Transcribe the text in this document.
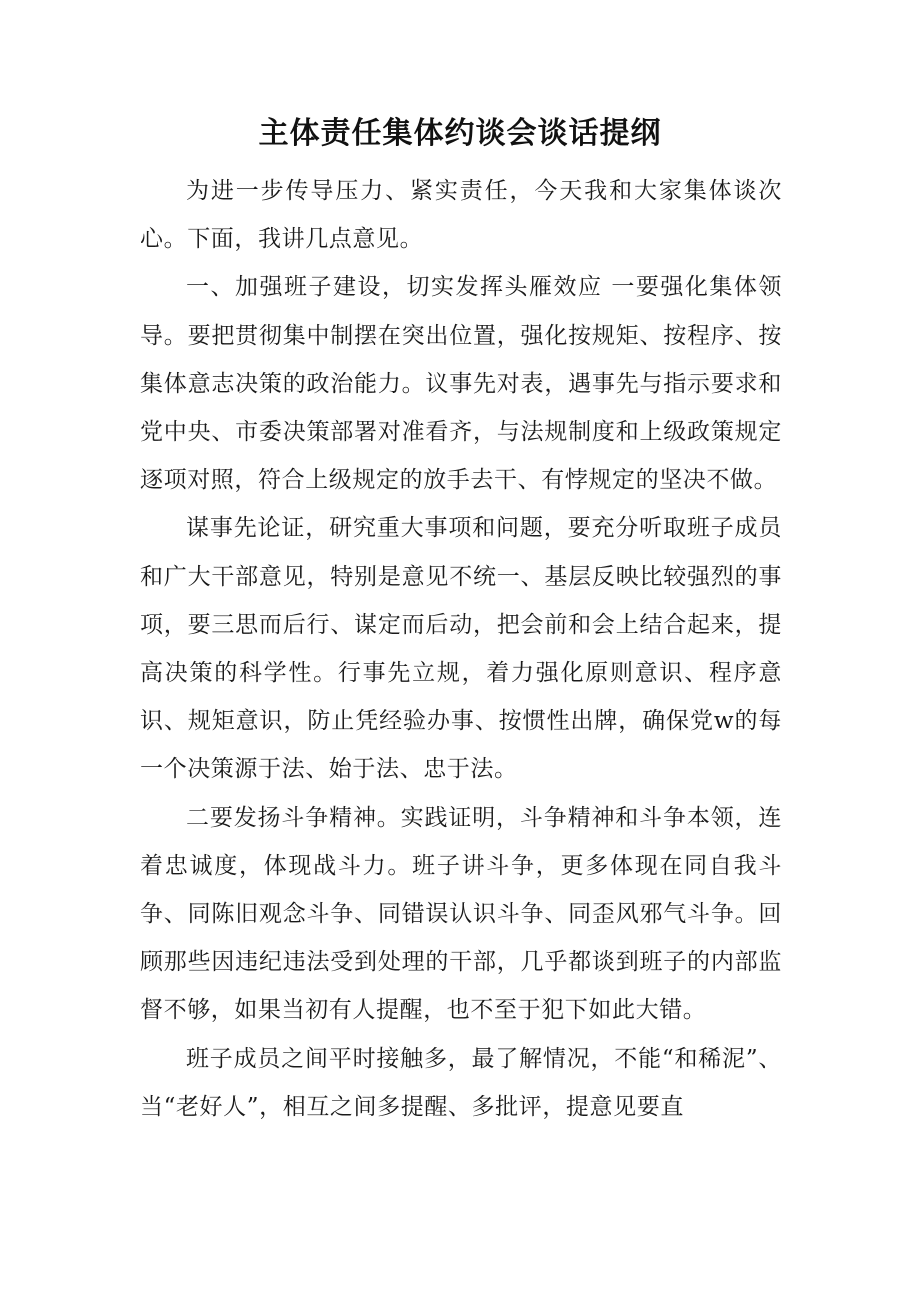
主体责任集体约谈会谈话提纲

为进一步传导压力、紧实责任，今天我和大家集体谈次心。下面，我讲几点意见。

一、加强班子建设，切实发挥头雁效应 一要强化集体领导。要把贯彻集中制摆在突出位置，强化按规矩、按程序、按集体意志决策的政治能力。议事先对表，遇事先与指示要求和党中央、市委决策部署对准看齐，与法规制度和上级政策规定逐项对照，符合上级规定的放手去干、有悖规定的坚决不做。

谋事先论证，研究重大事项和问题，要充分听取班子成员和广大干部意见，特别是意见不统一、基层反映比较强烈的事项，要三思而后行、谋定而后动，把会前和会上结合起来，提高决策的科学性。行事先立规，着力强化原则意识、程序意识、规矩意识，防止凭经验办事、按惯性出牌，确保党w的每一个决策源于法、始于法、忠于法。

二要发扬斗争精神。实践证明，斗争精神和斗争本领，连着忠诚度，体现战斗力。班子讲斗争，更多体现在同自我斗争、同陈旧观念斗争、同错误认识斗争、同歪风邪气斗争。回顾那些因违纪违法受到处理的干部，几乎都谈到班子的内部监督不够，如果当初有人提醒，也不至于犯下如此大错。

班子成员之间平时接触多，最了解情况，不能“和稀泥”、当“老好人”，相互之间多提醒、多批评，提意见要直
